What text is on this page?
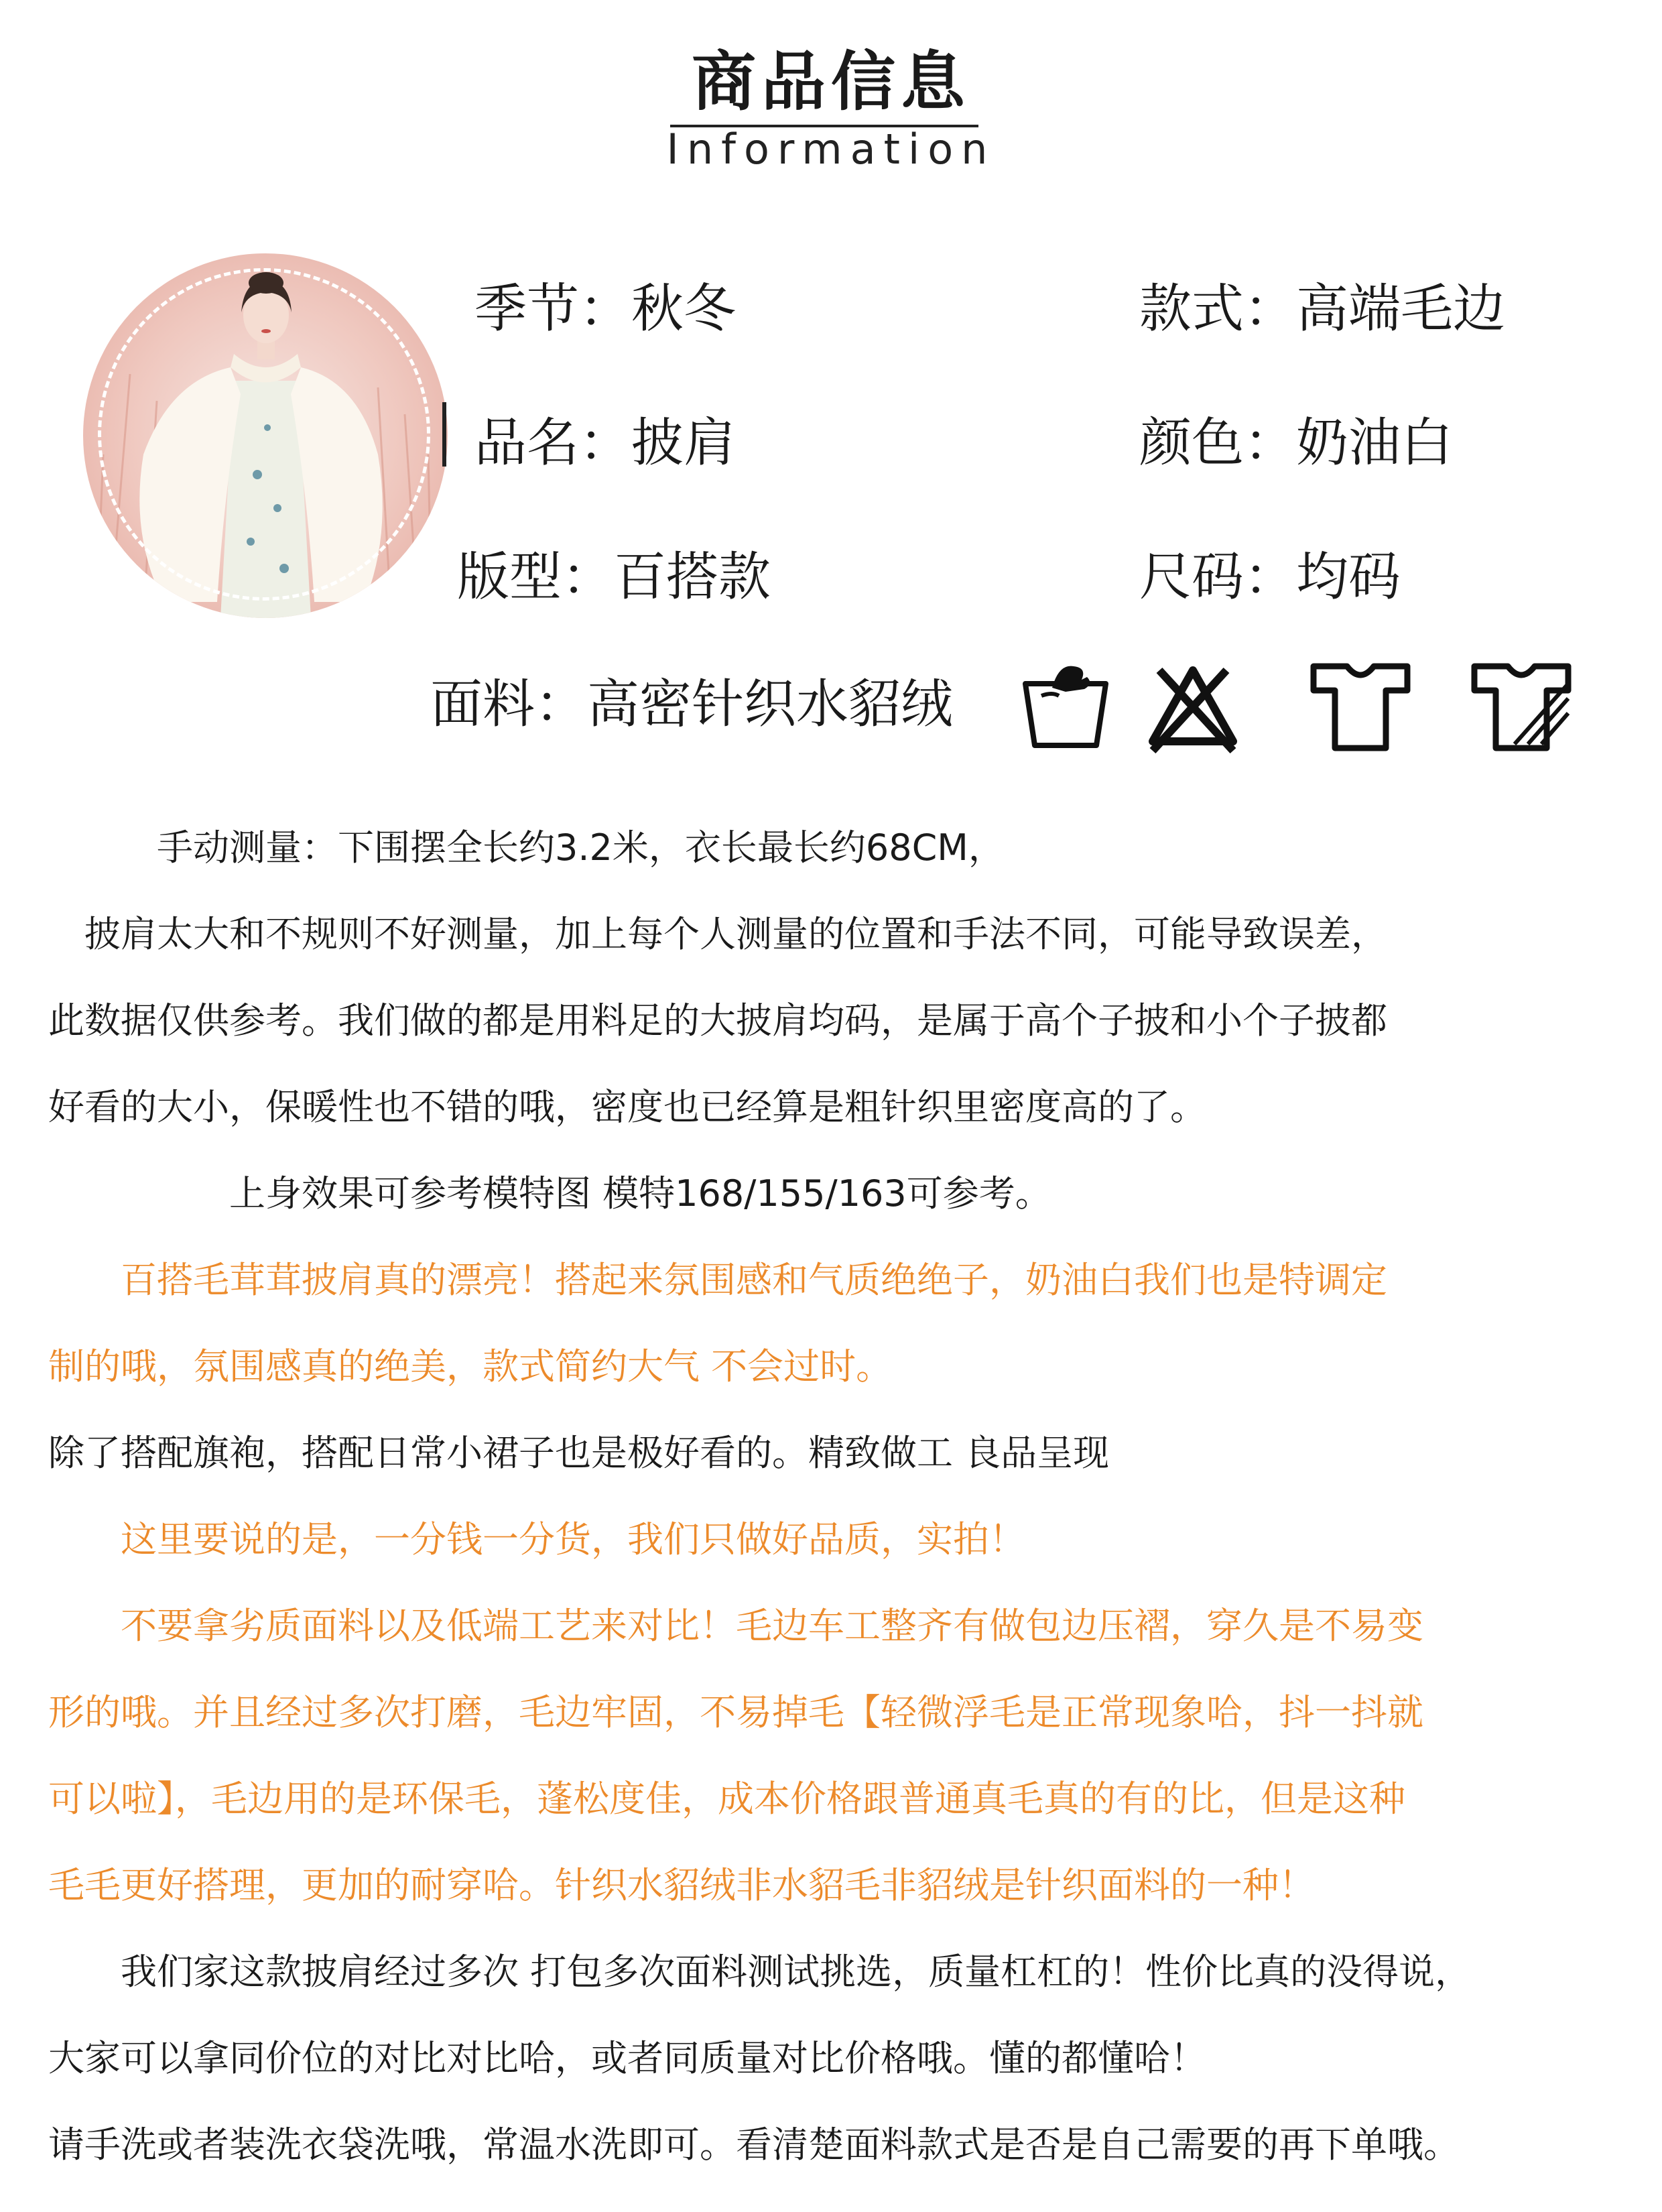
商品信息
Information
季节：秋冬	款式：高端毛边
品名：披肩	颜色：奶油白
版型：百搭款	尺码：均码
面料：高密针织水貂绒
　　　手动测量：下围摆全长约3.2米，衣长最长约68CM，
　披肩太大和不规则不好测量，加上每个人测量的位置和手法不同，可能导致误差，
此数据仅供参考。我们做的都是用料足的大披肩均码，是属于高个子披和小个子披都
好看的大小，保暖性也不错的哦，密度也已经算是粗针织里密度高的了。
　　　　　上身效果可参考模特图 模特168/155/163可参考。
　　百搭毛茸茸披肩真的漂亮！搭起来氛围感和气质绝绝子，奶油白我们也是特调定
制的哦，氛围感真的绝美，款式简约大气 不会过时。
除了搭配旗袍，搭配日常小裙子也是极好看的。精致做工 良品呈现
　　这里要说的是，一分钱一分货，我们只做好品质，实拍！
　　不要拿劣质面料以及低端工艺来对比！毛边车工整齐有做包边压褶，穿久是不易变
形的哦。并且经过多次打磨，毛边牢固，不易掉毛【轻微浮毛是正常现象哈，抖一抖就
可以啦】，毛边用的是环保毛，蓬松度佳，成本价格跟普通真毛真的有的比，但是这种
毛毛更好搭理，更加的耐穿哈。针织水貂绒非水貂毛非貂绒是针织面料的一种！
　　我们家这款披肩经过多次 打包多次面料测试挑选，质量杠杠的！性价比真的没得说，
大家可以拿同价位的对比对比哈，或者同质量对比价格哦。懂的都懂哈！
请手洗或者装洗衣袋洗哦，常温水洗即可。看清楚面料款式是否是自己需要的再下单哦。
